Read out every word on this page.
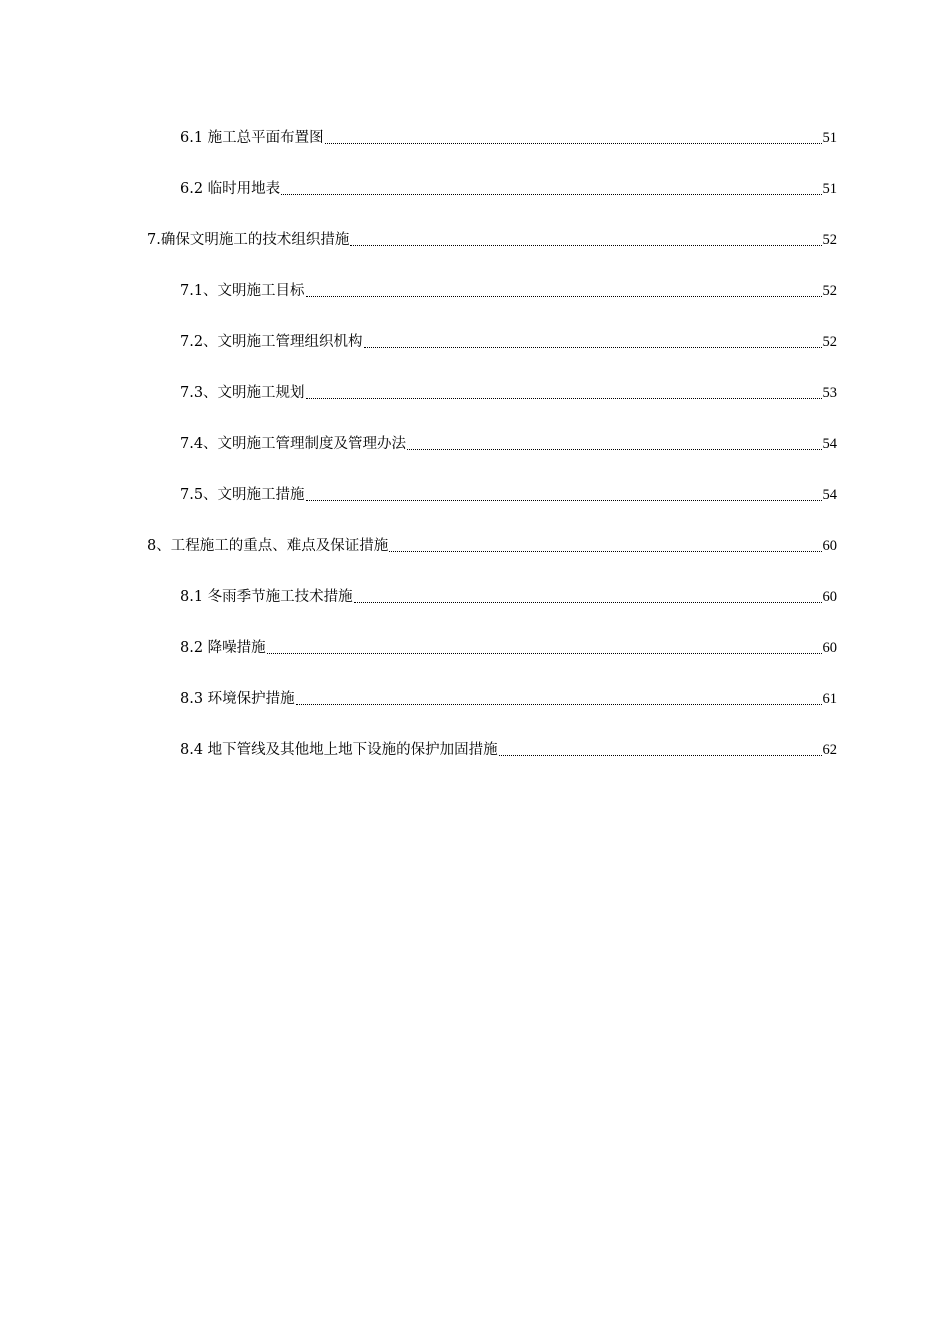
6.1 施工总平面布置图	51
6.2 临时用地表	51
7.确保文明施工的技术组织措施	52
7.1、文明施工目标	52
7.2、文明施工管理组织机构	52
7.3、文明施工规划	53
7.4、文明施工管理制度及管理办法	54
7.5、文明施工措施	54
8、工程施工的重点、难点及保证措施	60
8.1 冬雨季节施工技术措施	60
8.2 降噪措施	60
8.3 环境保护措施	61
8.4 地下管线及其他地上地下设施的保护加固措施	62
